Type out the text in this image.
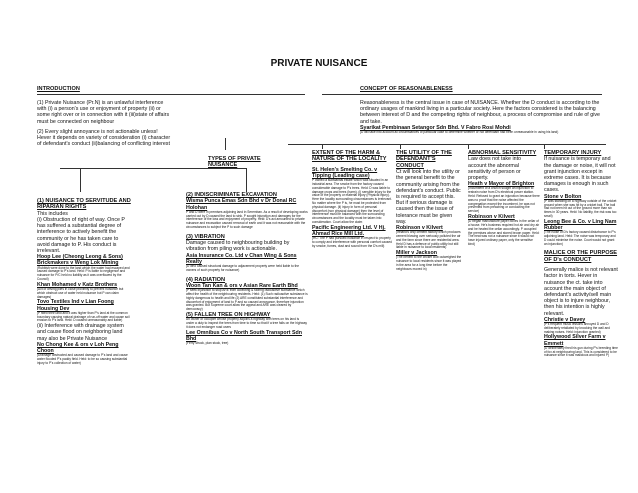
PRIVATE NUISANCE
INTRODUCTION

(1) Private Nuisance (Pr.N) is an unlawful interference with (i) a person's use or enjoyment of property (ii) or some right over or in connection with it (iii)state of affairs must be connected on neighbour

(2) Every slight annoyance is not actionable unless! Hever it depends on variety of consideration (i) character of defendant's conduct (ii)balancing of conflicting interest

TYPES OF PRIVATE NUISANCE
CONCEPT OF REASONABLENESS

Reasonableness is the central issue in case of NUISANCE. Whether the D conduct is according to the ordinary usages of mankind living in a particular society. Here the factors considered is the balancing between interest of D and the competing rights of neighbour, a process of compromise and rule of give and take.

Syarikat Pembinaan Setangor Sdn Bhd. V Fabro Rosi Mohdi

(D will take into account all circumstances of particular case to determine whether or not defendant had been unreasonable in using his land)

(1) NUISANCE TO SERVITUDE AND RIPARIAN RIGHTS

This includes

(i) Obstruction of right of way. Once P has suffered a substantial degree of interference to actively benefit the community or he has taken care to avoid damage to P. His conduct is irrelevant.

Hoop Lee (Cheong Leong & Sons) Brickmakers v Weng Lok Mining

(Rubbish were done to the land which the water had escaped and caused damage to P's land. Held: P is liable to negligence and nuisance for P/C held no liability as it was overflowed by the Council)

Khan Mohamed v Katz Brothers

(Act of driving piles in close proximity to prevent nuisance but which obstruct use of water held nuisance but P can claim damages)

Tovo Textiles Ind v Lian Foong Housing Dev

(P filled their land and it was higher than P's land at the common boundary causing natural drainage of run-off water and cause soil erosion to P's land. Held: D caused unreasonably and liable)

(ii) Interference with drainage system and cause flood on neighboring land may also be Private Nuisance

No Chong Kee & ors v Loh Peng Choon

(Drainage obstructed and caused damage to P's land and cause water flooded P's paddy field. Held: to be so causing substantial injury to P's collection of water)

(2) INDISCRIMINATE EXCAVATION

Wisma Punca Emas Sdn Bhd v Dr Donal RC Holohan

P and D were in premises adjoining land in Seremban. As a result of developing works carried out by D caused the land to sink. P sought injunction and damages for the interference of the loss and enjoyment of property. Held: D's act amounted to private nuisance and excavation caused removal of earth and it was not reasonable with the circumstances to subject the P to such damage

(3) VIBRATION

Damage caused to neighbouring building by vibration from piling work is actionable.

Asia Insurance Co. Ltd v Chan Wing & Sons Realty

(D who caused structural damage to adjacement property were held liable to the owners of such property for nuisance)

(4) RADIATION

Woon Tan Kan & ors v Asian Rare Earth Bhd

(P seek injunction to stop ARE from collecting & storing radioactive substance which affect the health of the neighbouring residents. Held: (1) Such radioactive substance is highly dangerous to health and life (2) ARE constituted substantial interference and discomfort of enjoyment of land to P and so caused annoyance, therefore injunction was granted. But Supreme court allow the appeal and ARE was cleared by democracy)

(5) FALLEN TREE ON HIGHWAY

An owner or occupier whose property adjoins a highway with trees on his land is under a duty to inspect the trees from time to time so that if a tree falls on the highway it does not endanger road users

Lee Omnibus Co v North South Transport Sdn Bhd

(Ferry struck, plan stuck, tree)

EXTENT OF THE HARM & NATURE OF THE LOCALITY

St. Helen's Smelting Co. v Tipping (Leading case)

P owned a substantial estate which was situated in an industrial area. The smoke from the factory caused considerable damage to P's trees. Held: D was liable to damage crops and trees (harm). (i) sensible injury to the value of the property or material injury (Physical injury). Here the locality surrounding circumstances is irrelevant. No matter where the P is, he must be protected from physical damage. (ii) injury in form of personal discomfort (non physical damage) then the level of interference must be balanced with the surrounding circumstances and the locality must be taken into consideration. Court allow the claim

Pacific Engineering Ltd. V Hj. Ahmad Rice Mill Ltd.

(HC: The P had pursued nuisance in respect to property to comply and interference with personal comfort caused by smoke, fumes, dust and sound from the D's mill)

THE UTILITY OF THE DEFENDANT'S CONDUCT

Ct will look into the utility or the general benefit to the community arising from the defendant's conduct. Public is required to accept this. But if serious damage is caused then the issue of tolerance must be given way.

Robinson v Kilvert

(Ireland's only cement factory which produces cement blowing over seriously polluted the air and the farm since there are residential area. Held D has a defence of public utility but still liable in nuisance to local residents)

Miller v Jackson

(The benefit to the cricket club outweighed the nuisance to local residents since it was played in the area for a long time before the neighbours moved in)

ABNORMAL SENSITIVITY

Law does not take into account the abnormal sensitivity of person or property.

Heath v Mayor of Brighton

(Incumbent of a church sought an injunction to restrain noise from D's electrical power station. Held: Refused to grant an injunction because there was no proof that the noise affected the congregation except the incumbent, he was not prevented from preaching or conducting the service)

Robinson v Kilvert

(D began manufacture paper boxes in the cellar of a house. He's business required hot air and dry air and he heated the cellar accordingly. P occupied the premises above and stored brown paper. Held: The heat was not a nuisance since it would not have injured ordinary paper, only the sensitive kind)

TEMPORARY INJURY

If nuisance is temporary and the damage or noise, it will not grant injunction except in extreme cases. It is because damages is enough in such cases.

Stone v Bolton

(P was standing on a highway outside of the cricket ground when she was hit by a cricket ball. The ball had not been hit out of the ground more than six times in 30 years. Held: No liability, the risk was too small)

Leong Bee & Co. v Ling Nam Rubber

(The noise of D's factory caused disturbance to P's adjoining land. Held: The noise was temporary and D could minimise the noise. Court would not grant an injunction)

MALICE OR THE PURPOSE OF D's CONDUCT

Generally malice is not relevant factor in torts. Hever in nuisance the ct. take into account the main object of defendant's activity/sell main object is to injure neighbour, then his intention is highly relevant.

Christie v Davey

(P's frequent music lessons annoyed D and D deliberately retaliated by knocking the wall and making noises. Held: injunction granted)

Hollywood Silver Farm v Emmett

(D deliberately fired his gun during P's breeding time of fox at neighbouring land. This is considered to be nuisance since it was malicious and injured P)
